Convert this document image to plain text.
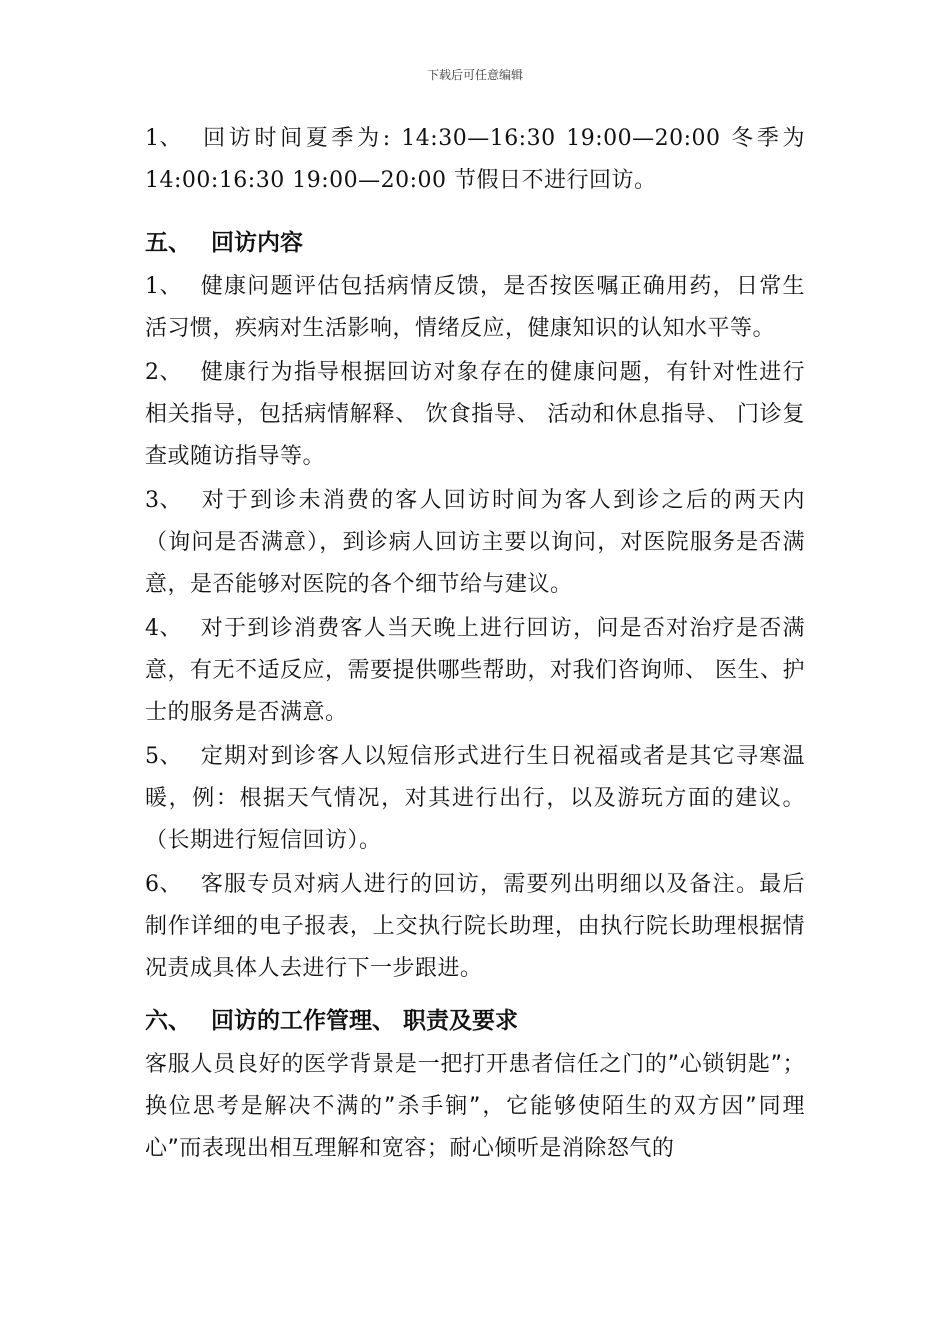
下载后可任意编辑

1、 回访时间夏季为: 14:30—16:30 19:00—20:00 冬季为 14:00:16:30 19:00—20:00 节假日不进行回访。

五、 回访内容

1、 健康问题评估包括病情反馈，是否按医嘱正确用药，日常生活习惯，疾病对生活影响，情绪反应，健康知识的认知水平等。

2、 健康行为指导根据回访对象存在的健康问题，有针对性进行相关指导，包括病情解释、 饮食指导、 活动和休息指导、 门诊复查或随访指导等。

3、 对于到诊未消费的客人回访时间为客人到诊之后的两天内（询问是否满意），到诊病人回访主要以询问，对医院服务是否满意，是否能够对医院的各个细节给与建议。

4、 对于到诊消费客人当天晚上进行回访，问是否对治疗是否满意，有无不适反应，需要提供哪些帮助，对我们咨询师、 医生、护士的服务是否满意。

5、 定期对到诊客人以短信形式进行生日祝福或者是其它寻寒温暖，例：根据天气情况，对其进行出行，以及游玩方面的建议。（长期进行短信回访）。

6、 客服专员对病人进行的回访，需要列出明细以及备注。最后制作详细的电子报表，上交执行院长助理，由执行院长助理根据情况责成具体人去进行下一步跟进。

六、 回访的工作管理、 职责及要求

客服人员良好的医学背景是一把打开患者信任之门的”心锁钥匙”；换位思考是解决不满的”杀手锏”，它能够使陌生的双方因”同理心”而表现出相互理解和宽容；耐心倾听是消除怒气的
